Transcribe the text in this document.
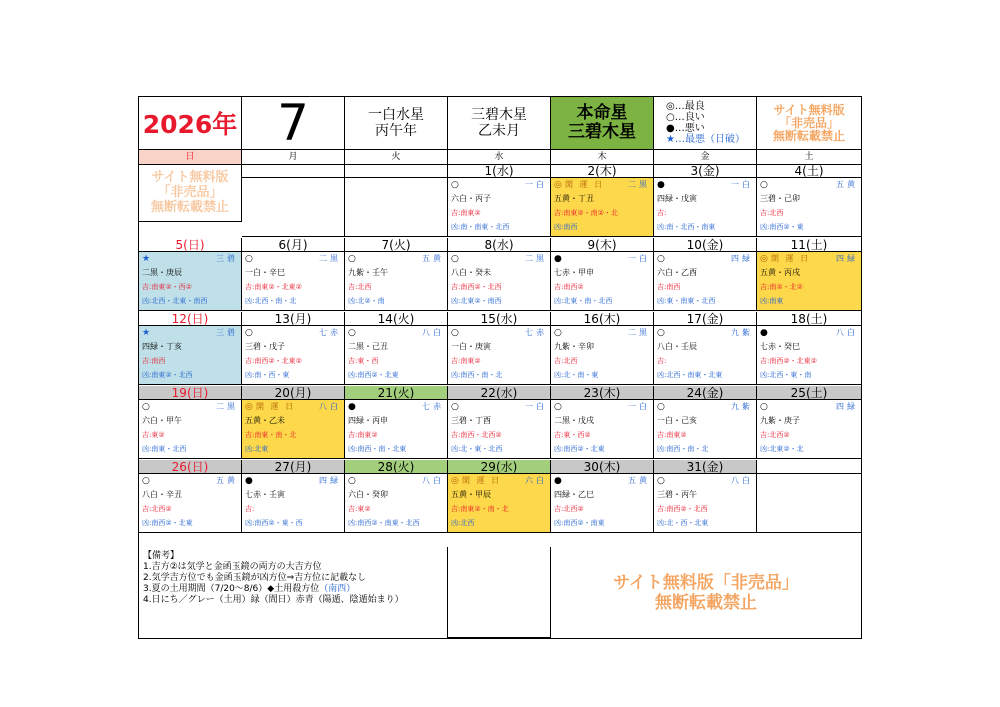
2026年 7	一白水星
丙午年
三碧木星
乙未月
本命星
三碧木星
◎…最良
○…良い
●…悪い
★…最悪（日破）
サイト無料版
「非売品」
無断転載禁止
日	月	火	水	木	金	土
サイト無料版
「非売品」
無断転載禁止
【備考】
1.吉方②は気学と金函玉鏡の両方の大吉方位
2.気学吉方位でも金函玉鏡が凶方位⇒吉方位に記載なし
3.夏の土用期間（7/20〜8/6）◆土用殺方位（南西）
4.日にち／グレー（土用）緑（間日）赤青（陽遁、陰遁始まり）
サイト無料版「非売品」
無断転載禁止
1(水)
○	一白
六白・丙子
吉:南東②
凶:南・南東・北西
2(木)
◎ 開 運 日	二黒
五黄・丁丑
吉:南東②・南②・北
凶:南西
3(金)
●	一白
四緑・戊寅
吉:
凶:南・北西・南東
4(土)
○	五黄
三碧・己卯
吉:北西
凶:南西②・東
5(日)
★	三碧
二黒・庚辰
吉:南東②・西②
凶:北西・北東・南西
6(月)
○	二黒
一白・辛巳
吉:南東②・北東②
凶:北西・南・北
7(火)
○	五黄
九紫・壬午
吉:北西
凶:北②・南
8(水)
○	二黒
八白・癸未
吉:南西②・北西
凶:北東②・南西
9(木)
●	一白
七赤・甲申
吉:南西②
凶:北東・南・北西
10(金)
○	四緑
六白・乙酉
吉:南西
凶:東・南東・北西
11(土)
◎ 開 運 日	四緑
五黄・丙戌
吉:南②・北②
凶:南東
12(日)
★	三碧
四緑・丁亥
吉:南西
凶:南東②・北西
13(月)
○	七赤
三碧・戊子
吉:南西②・北東②
凶:南・西・東
14(火)
○	八白
二黒・己丑
吉:東・西
凶:南西②・北東
15(水)
○	七赤
一白・庚寅
吉:南東②
凶:南西・南・北
16(木)
○	二黒
九紫・辛卯
吉:北西
凶:北・南・東
17(金)
○	九紫
八白・壬辰
吉:
凶:北西・南東・北東
18(土)
●	八白
七赤・癸巳
吉:南西②・北東②
凶:北西・東・南
19(日)
○	二黒
六白・甲午
吉:東②
凶:南東・北西
20(月)
◎ 開 運 日	八白
五黄・乙未
吉:南東・南・北
凶:北東
21(火)
●	七赤
四緑・丙申
吉:南東②
凶:南西・南・北東
22(水)
○	一白
三碧・丁酉
吉:南西・北西②
凶:北・東・北西
23(木)
○	一白
二黒・戊戌
吉:東・西②
凶:南西②・北東
24(金)
○	九紫
一白・己亥
吉:南東②
凶:南西・南・北
25(土)
○	四緑
九紫・庚子
吉:北西②
凶:北東②・北
26(日)
○	五黄
八白・辛丑
吉:北西②
凶:南西②・北東
27(月)
●	四緑
七赤・壬寅
吉:
凶:南西②・東・西
28(火)
○	八白
六白・癸卯
吉:東②
凶:南西②・南東・北西
29(水)
◎ 開 運 日	六白
五黄・甲辰
吉:南東②・南・北
凶:北西
30(木)
●	五黄
四緑・乙巳
吉:北西②
凶:南西②・南東
31(金)
○	八白
三碧・丙午
吉:南西②・北西
凶:北・西・北東
